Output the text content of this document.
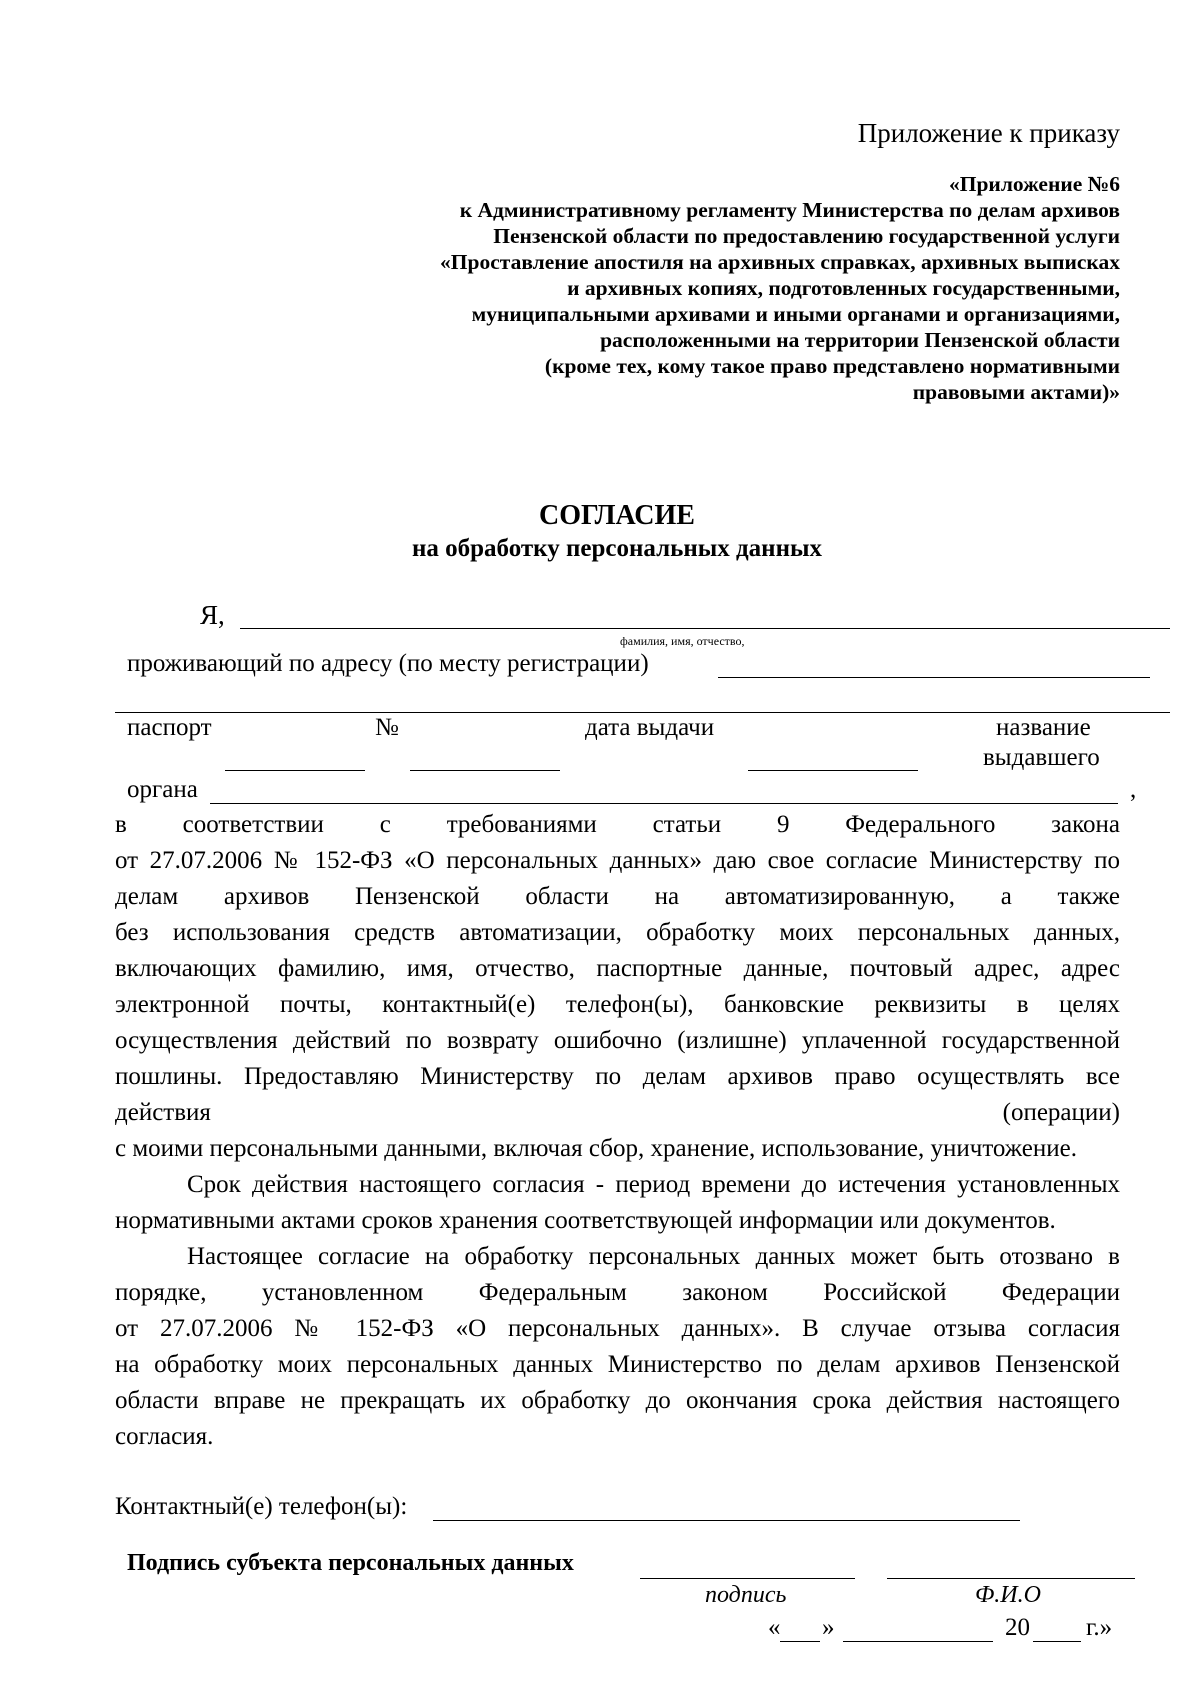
Приложение к приказу
«Приложение №6
к Административному регламенту Министерства по делам архивов
Пензенской области по предоставлению государственной услуги
«Проставление апостиля на архивных справках, архивных выписках
и архивных копиях, подготовленных государственными,
муниципальными архивами и иными органами и организациями,
расположенными на территории Пензенской области
(кроме тех, кому такое право представлено нормативными
правовыми актами)»
СОГЛАСИЕ
на обработку персональных данных
Я,
фамилия, имя, отчество,
проживающий по адресу (по месту регистрации)
паспорт	№	дата выдачи	название
выдавшего
органа	,
в соответствии с требованиями статьи 9 Федерального закона
от 27.07.2006 № 152-ФЗ «О персональных данных» даю свое согласие Министерству по
делам архивов Пензенской области на автоматизированную, а также
без использования средств автоматизации, обработку моих персональных данных,
включающих фамилию, имя, отчество, паспортные данные, почтовый адрес, адрес
электронной почты, контактный(е) телефон(ы), банковские реквизиты в целях
осуществления действий по возврату ошибочно (излишне) уплаченной государственной
пошлины. Предоставляю Министерству по делам архивов право осуществлять все
действия (операции)
с моими персональными данными, включая сбор, хранение, использование, уничтожение.
Срок действия настоящего согласия - период времени до истечения установленных
нормативными актами сроков хранения соответствующей информации или документов.
Настоящее согласие на обработку персональных данных может быть отозвано в
порядке, установленном Федеральным законом Российской Федерации
от 27.07.2006 № 152-ФЗ «О персональных данных». В случае отзыва согласия
на обработку моих персональных данных Министерство по делам архивов Пензенской
области вправе не прекращать их обработку до окончания срока действия настоящего
согласия.
Контактный(е) телефон(ы):
Подпись субъекта персональных данных
подпись	Ф.И.О
« »	20 г.»
